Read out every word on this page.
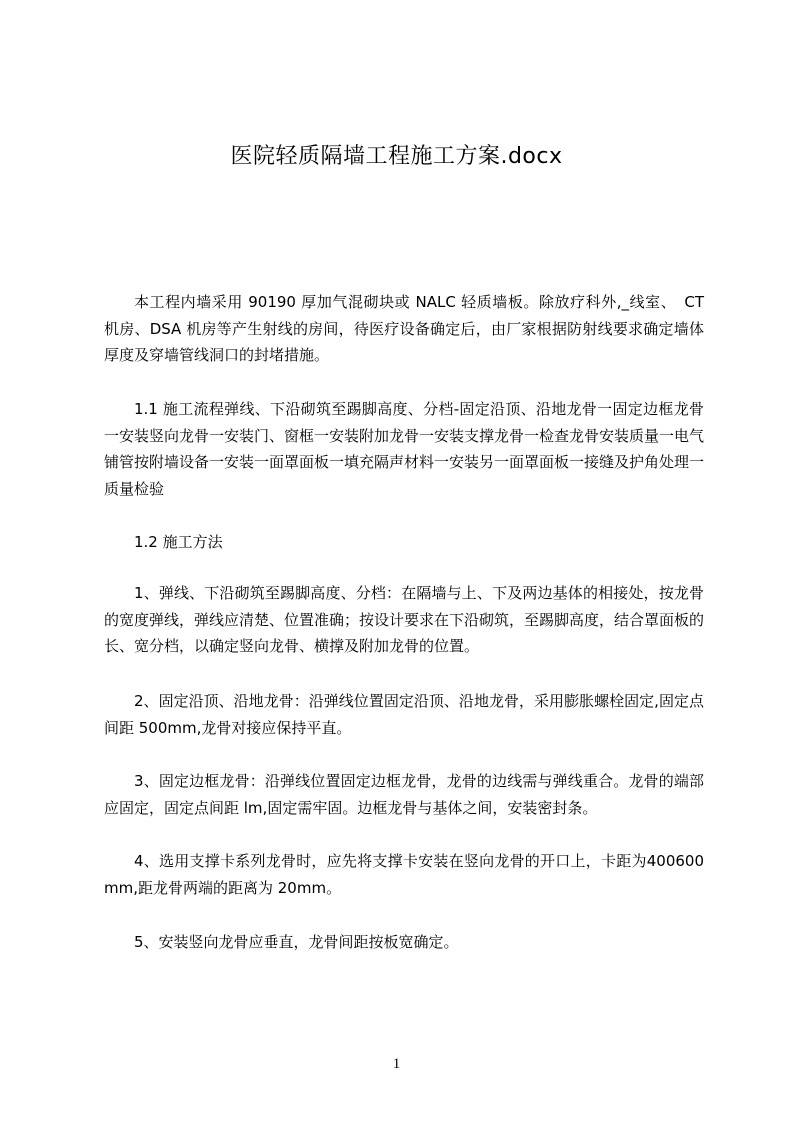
医院轻质隔墙工程施工方案.docx

本工程内墙采用 90190 厚加气混砌块或 NALC 轻质墙板。除放疗科外,_线室、　CT 机房、DSA 机房等产生射线的房间，待医疗设备确定后，由厂家根据防射线要求确定墙体厚度及穿墙管线洞口的封堵措施。

1.1 施工流程弹线、下沿砌筑至踢脚高度、分档-固定沿顶、沿地龙骨一固定边框龙骨一安装竖向龙骨一安装门、窗框一安装附加龙骨一安装支撑龙骨一检查龙骨安装质量一电气铺管按附墙设备一安装一面罩面板一填充隔声材料一安装另一面罩面板一接缝及护角处理一质量检验

1.2 施工方法

1、弹线、下沿砌筑至踢脚高度、分档：在隔墙与上、下及两边基体的相接处，按龙骨的宽度弹线，弹线应清楚、位置准确；按设计要求在下沿砌筑，至踢脚高度，结合罩面板的长、宽分档，以确定竖向龙骨、横撑及附加龙骨的位置。

2、固定沿顶、沿地龙骨：沿弹线位置固定沿顶、沿地龙骨，采用膨胀螺栓固定,固定点间距 500mm,龙骨对接应保持平直。

3、固定边框龙骨：沿弹线位置固定边框龙骨，龙骨的边线需与弹线重合。龙骨的端部应固定，固定点间距 lm,固定需牢固。边框龙骨与基体之间，安装密封条。

4、选用支撑卡系列龙骨时，应先将支撑卡安装在竖向龙骨的开口上，卡距为400600mm,距龙骨两端的距离为 20mm。

5、安装竖向龙骨应垂直，龙骨间距按板宽确定。

1
